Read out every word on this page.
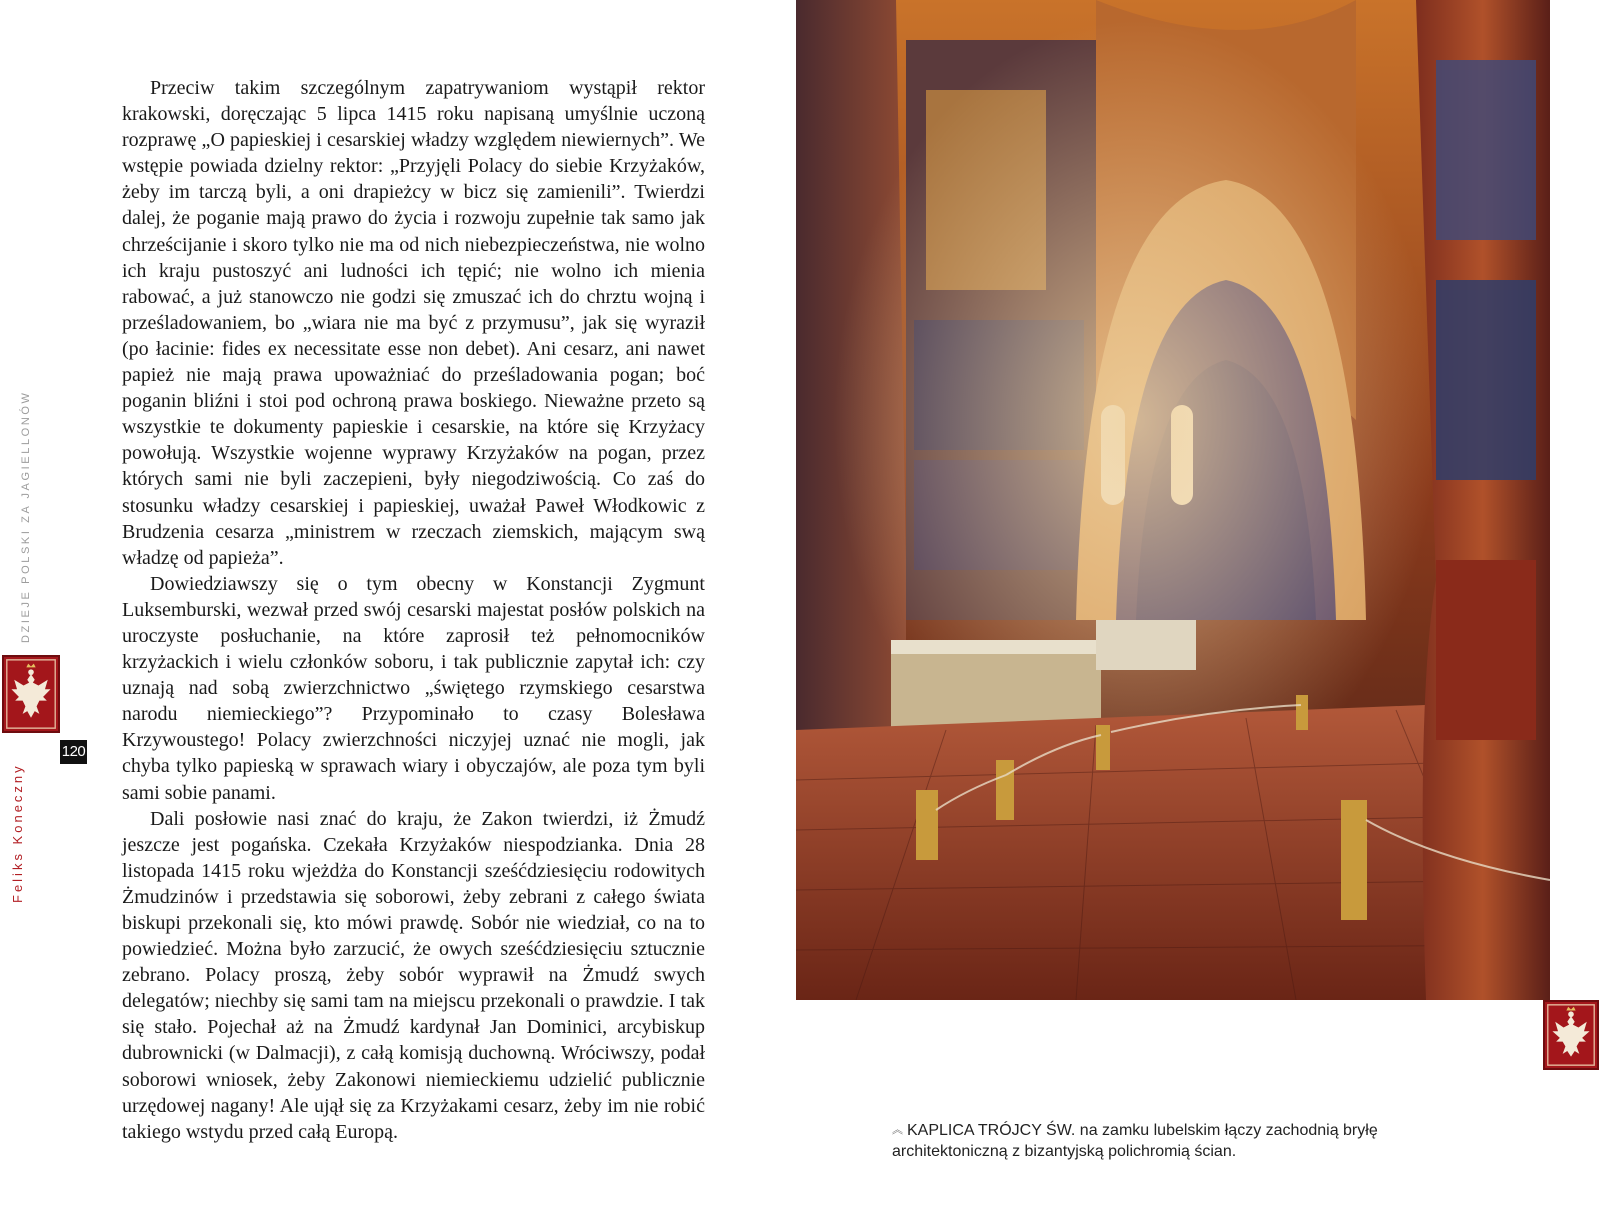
Feliks Koneczny
DZIEJE POLSKI ZA JAGIELLONÓW
120

Przeciw takim szczególnym zapatrywaniom wystąpił rektor krakowski, doręczając 5 lipca 1415 roku napisaną umyślnie uczoną rozprawę „O papieskiej i cesarskiej władzy względem niewiernych”. We wstępie powiada dzielny rektor: „Przyjęli Polacy do siebie Krzyżaków, żeby im tarczą byli, a oni drapieżcy w bicz się zamienili”. Twierdzi dalej, że poganie mają prawo do życia i rozwoju zupełnie tak samo jak chrześcijanie i skoro tylko nie ma od nich niebezpieczeństwa, nie wolno ich kraju pustoszyć ani ludności ich tępić; nie wolno ich mienia rabować, a już stanowczo nie godzi się zmuszać ich do chrztu wojną i prześladowaniem, bo „wiara nie ma być z przymusu”, jak się wyraził (po łacinie: fides ex necessitate esse non debet). Ani cesarz, ani nawet papież nie mają prawa upoważniać do prześladowania pogan; boć poganin bliźni i stoi pod ochroną prawa boskiego. Nieważne przeto są wszystkie te dokumenty papieskie i cesarskie, na które się Krzyżacy powołują. Wszystkie wojenne wyprawy Krzyżaków na pogan, przez których sami nie byli zaczepieni, były niegodziwością. Co zaś do stosunku władzy cesarskiej i papieskiej, uważał Paweł Włodkowic z Brudzenia cesarza „ministrem w rzeczach ziemskich, mającym swą władzę od papieża”.

Dowiedziawszy się o tym obecny w Konstancji Zygmunt Luksemburski, wezwał przed swój cesarski majestat posłów polskich na uroczyste posłuchanie, na które zaprosił też pełnomocników krzyżackich i wielu członków soboru, i tak publicznie zapytał ich: czy uznają nad sobą zwierzchnictwo „świętego rzymskiego cesarstwa narodu niemieckiego”? Przypominało to czasy Bolesława Krzywoustego! Polacy zwierzchności niczyjej uznać nie mogli, jak chyba tylko papieską w sprawach wiary i obyczajów, ale poza tym byli sami sobie panami.

Dali posłowie nasi znać do kraju, że Zakon twierdzi, iż Żmudź jeszcze jest pogańska. Czekała Krzyżaków niespodzianka. Dnia 28 listopada 1415 roku wjeżdża do Konstancji sześćdziesięciu rodowitych Żmudzinów i przedstawia się soborowi, żeby zebrani z całego świata biskupi przekonali się, kto mówi prawdę. Sobór nie wiedział, co na to powiedzieć. Można było zarzucić, że owych sześćdziesięciu sztucznie zebrano. Polacy proszą, żeby sobór wyprawił na Żmudź swych delegatów; niechby się sami tam na miejscu przekonali o prawdzie. I tak się stało. Pojechał aż na Żmudź kardynał Jan Dominici, arcybiskup dubrownicki (w Dalmacji), z całą komisją duchowną. Wróciwszy, podał soborowi wniosek, żeby Zakonowi niemieckiemu udzielić publicznie urzędowej nagany! Ale ujął się za Krzyżakami cesarz, żeby im nie robić takiego wstydu przed całą Europą.	︽ KAPLICA TRÓJCY ŚW. na zamku lubelskim łączy zachodnią bryłę architektoniczną z bizantyjską polichromią ścian.
